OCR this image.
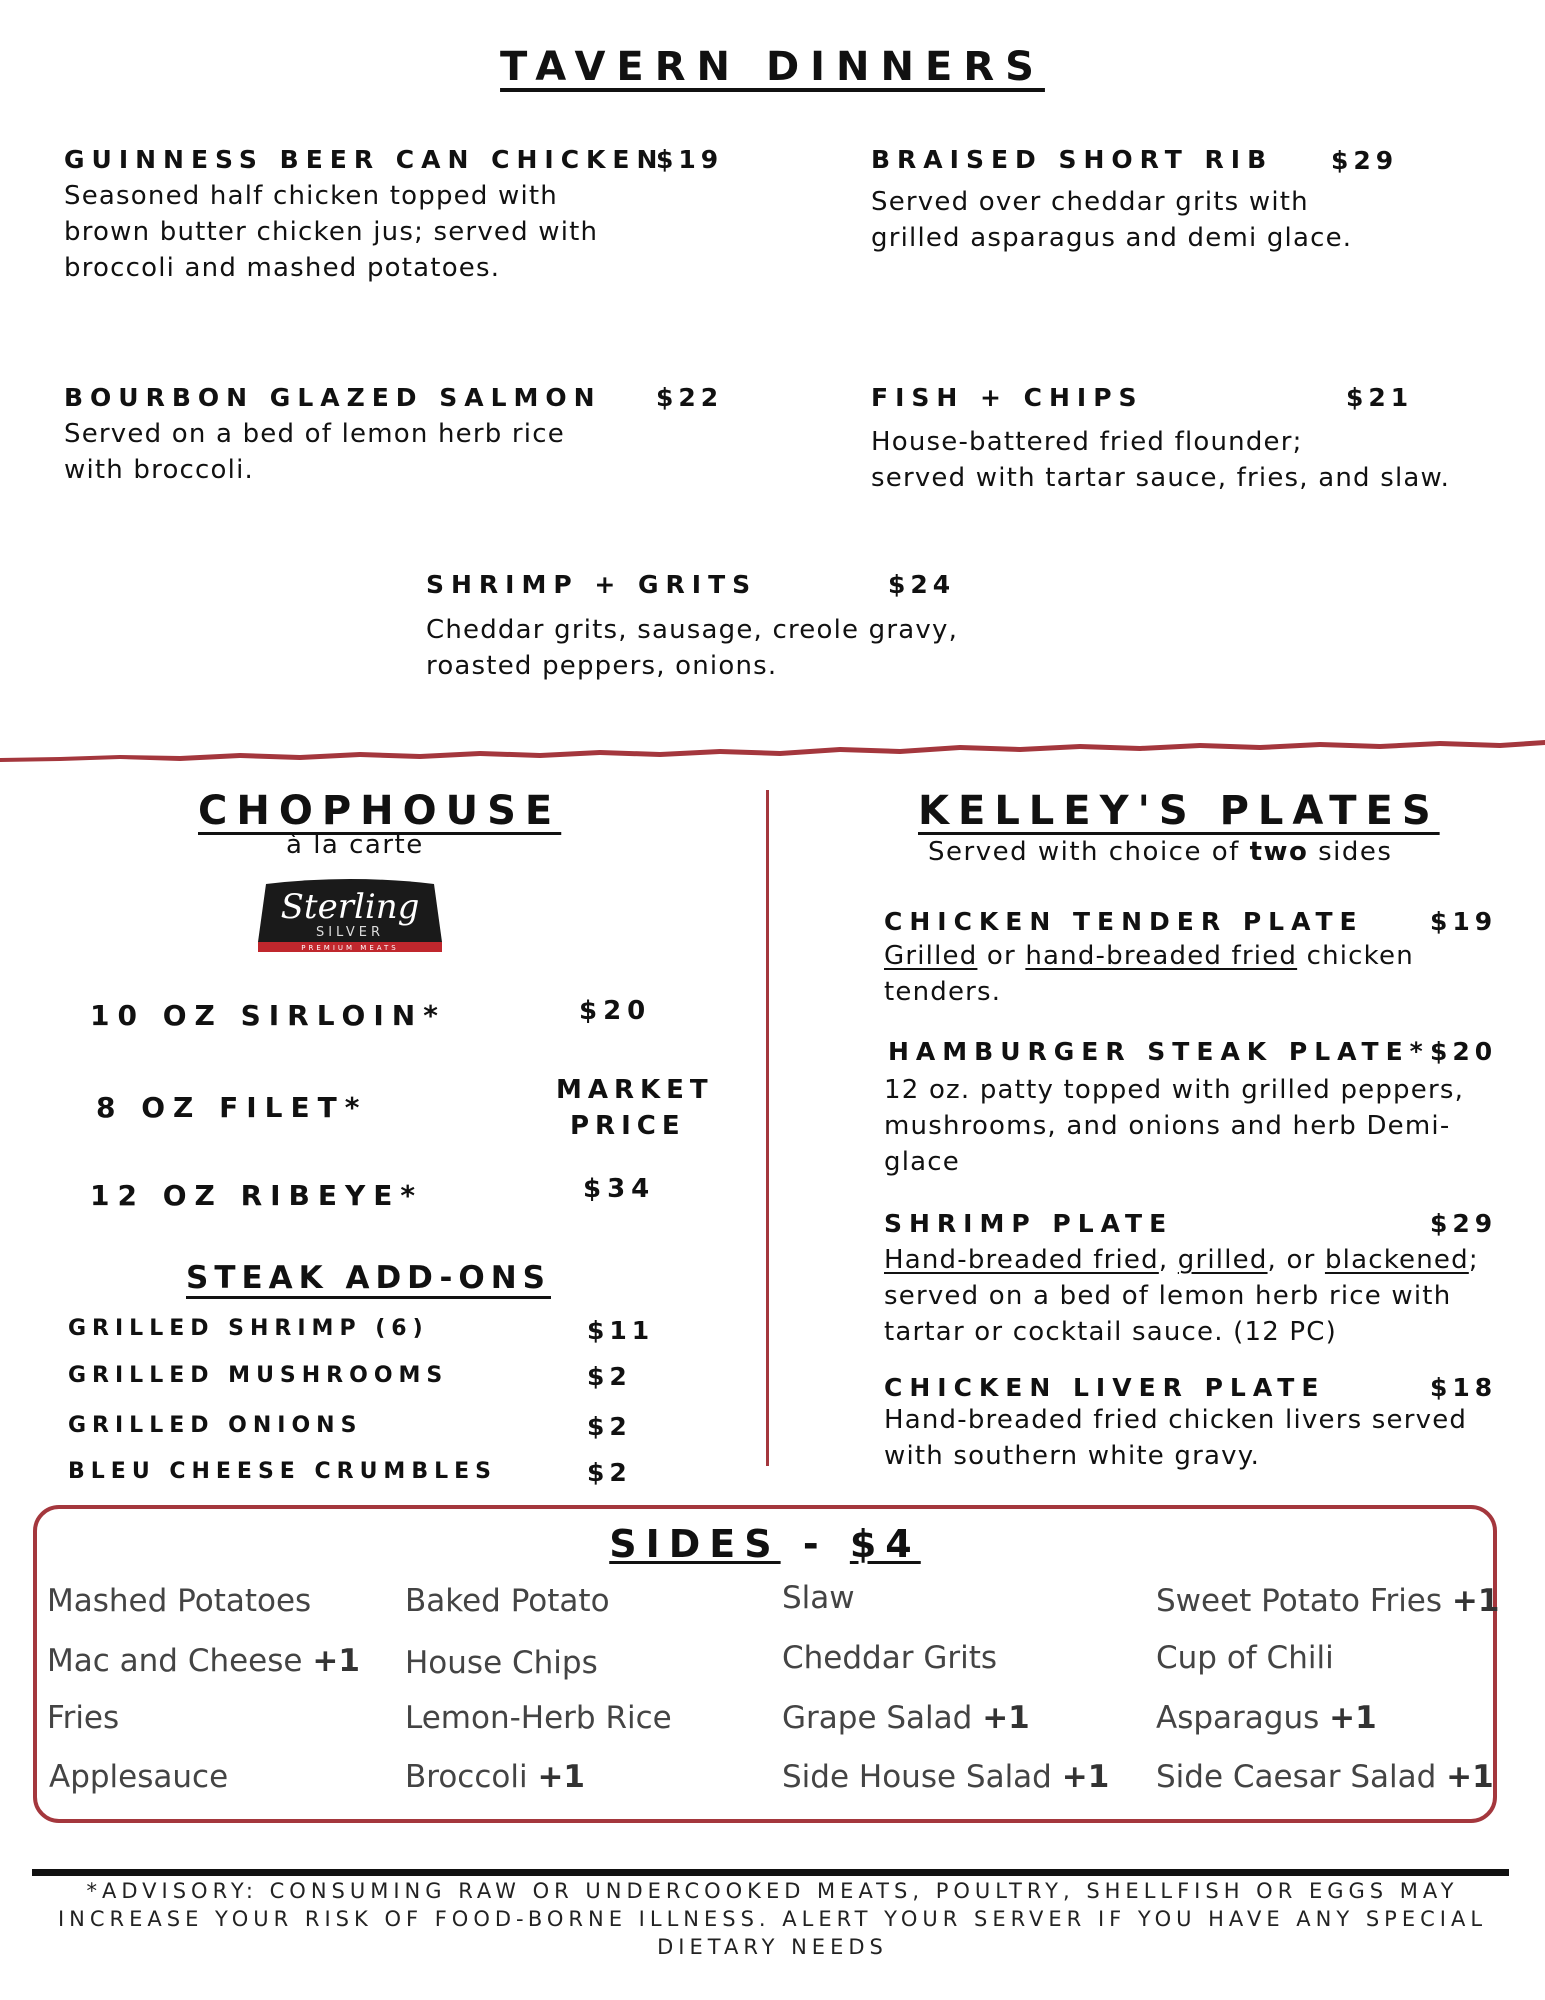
TAVERN DINNERS
GUINNESS BEER CAN CHICKEN
$19
Seasoned half chicken topped with
brown butter chicken jus; served with
broccoli and mashed potatoes.
BRAISED SHORT RIB $29
Served over cheddar grits with
grilled asparagus and demi glace.
BOURBON GLAZED SALMON $22
Served on a bed of lemon herb rice
with broccoli.
FISH + CHIPS	$21
House-battered fried flounder;
served with tartar sauce, fries, and slaw.
SHRIMP + GRITS	$24
Cheddar grits, sausage, creole gravy,
roasted peppers, onions.
CHOPHOUSE
à la carte
Sterling
SILVER
PREMIUM MEATS
10 OZ SIRLOIN*	$20
8 OZ FILET*
MARKET
PRICE
12 OZ RIBEYE*	$34
STEAK ADD-ONS
GRILLED SHRIMP (6)	$11
GRILLED MUSHROOMS	$2
GRILLED ONIONS	$2
BLEU CHEESE CRUMBLES	$2
KELLEY'S PLATES
Served with choice of two sides
CHICKEN TENDER PLATE	$19
Grilled or hand-breaded fried chicken
tenders.
HAMBURGER STEAK PLATE* $20
12 oz. patty topped with grilled peppers,
mushrooms, and onions and herb Demi-
glace
SHRIMP PLATE	$29
Hand-breaded fried, grilled, or blackened;
served on a bed of lemon herb rice with
tartar or cocktail sauce. (12 PC)
CHICKEN LIVER PLATE	$18
Hand-breaded fried chicken livers served
with southern white gravy.
SIDES - $4
Mashed Potatoes
Mac and Cheese +1
Fries
Applesauce
Baked Potato
House Chips
Lemon-Herb Rice
Broccoli +1
Slaw
Cheddar Grits
Grape Salad +1
Side House Salad +1
Sweet Potato Fries +1
Cup of Chili
Asparagus +1
Side Caesar Salad +1
*ADVISORY: CONSUMING RAW OR UNDERCOOKED MEATS, POULTRY, SHELLFISH OR EGGS MAY
INCREASE YOUR RISK OF FOOD-BORNE ILLNESS. ALERT YOUR SERVER IF YOU HAVE ANY SPECIAL
DIETARY NEEDS
